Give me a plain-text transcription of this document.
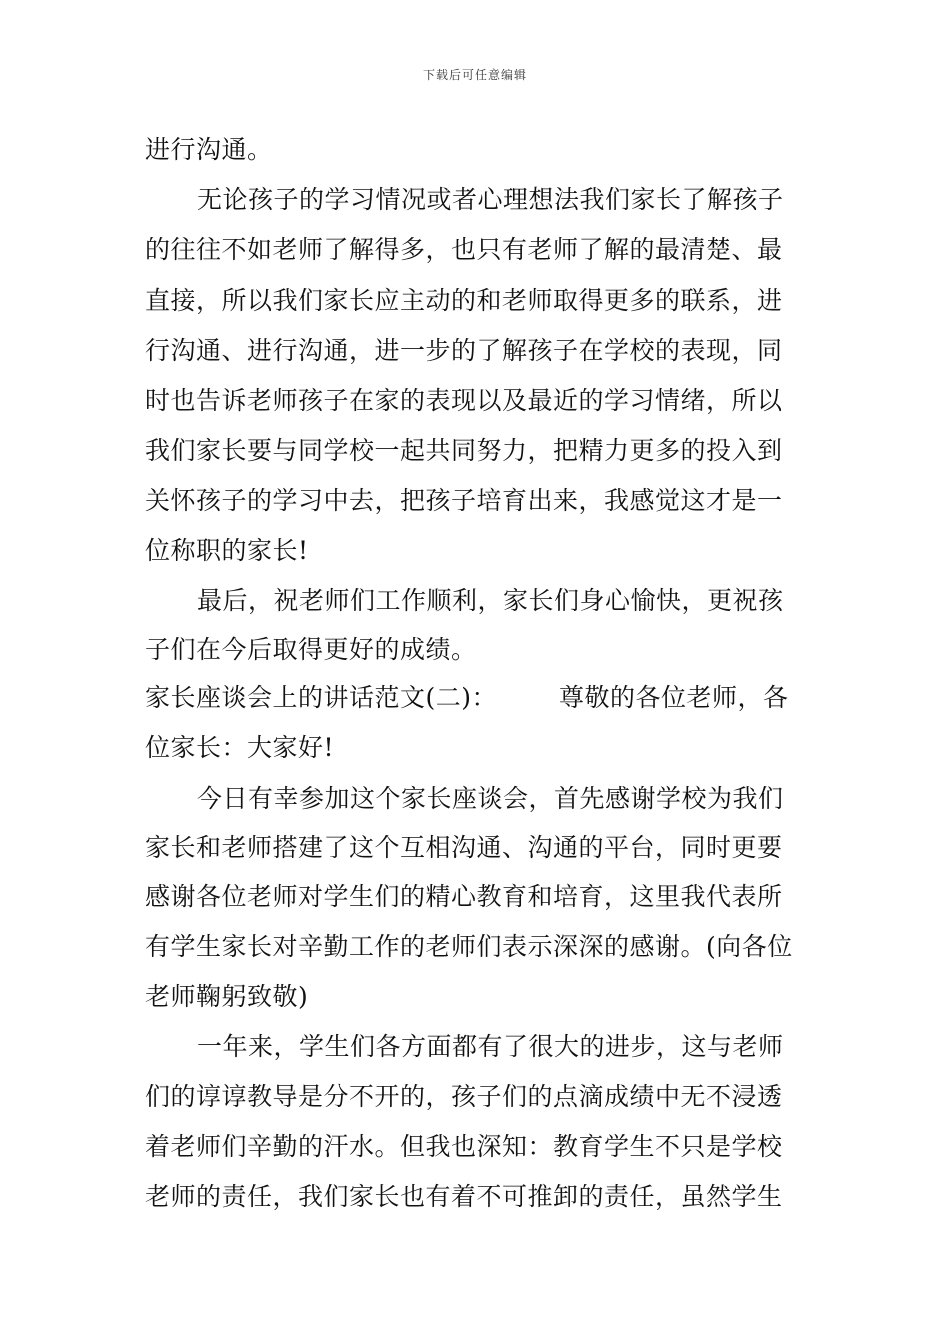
下载后可任意编辑
进行沟通。
无论孩子的学习情况或者心理想法我们家长了解孩子
的往往不如老师了解得多，也只有老师了解的最清楚、最
直接，所以我们家长应主动的和老师取得更多的联系，进
行沟通、进行沟通，进一步的了解孩子在学校的表现，同
时也告诉老师孩子在家的表现以及最近的学习情绪，所以
我们家长要与同学校一起共同努力，把精力更多的投入到
关怀孩子的学习中去，把孩子培育出来，我感觉这才是一
位称职的家长!
最后，祝老师们工作顺利，家长们身心愉快，更祝孩
子们在今后取得更好的成绩。
家长座谈会上的讲话范文(二)： 尊敬的各位老师，各
位家长：大家好!
今日有幸参加这个家长座谈会，首先感谢学校为我们
家长和老师搭建了这个互相沟通、沟通的平台，同时更要
感谢各位老师对学生们的精心教育和培育，这里我代表所
有学生家长对辛勤工作的老师们表示深深的感谢。(向各位
老师鞠躬致敬)
一年来，学生们各方面都有了很大的进步，这与老师
们的谆谆教导是分不开的，孩子们的点滴成绩中无不浸透
着老师们辛勤的汗水。但我也深知：教育学生不只是学校
老师的责任，我们家长也有着不可推卸的责任，虽然学生
